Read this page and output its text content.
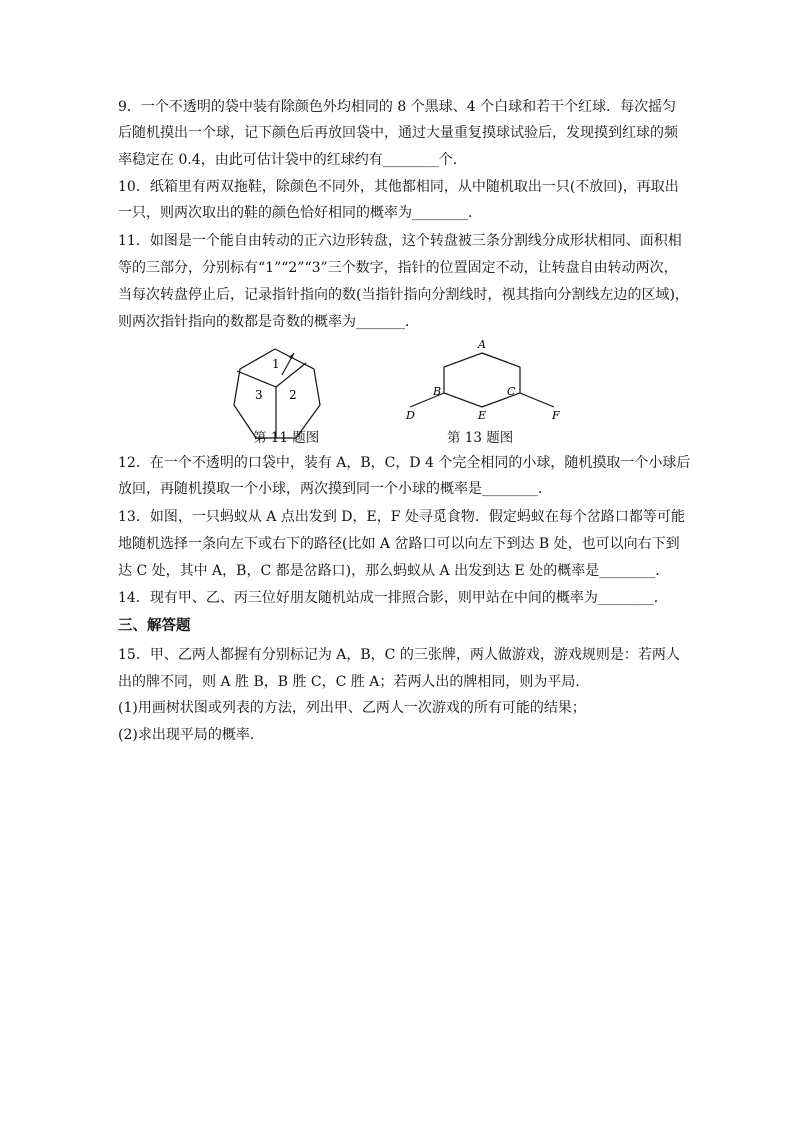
9．一个不透明的袋中装有除颜色外均相同的 8 个黑球、4 个白球和若干个红球．每次摇匀
后随机摸出一个球，记下颜色后再放回袋中，通过大量重复摸球试验后，发现摸到红球的频
率稳定在 0.4，由此可估计袋中的红球约有________个．
10．纸箱里有两双拖鞋，除颜色不同外，其他都相同，从中随机取出一只(不放回)，再取出
一只，则两次取出的鞋的颜色恰好相同的概率为________．
11．如图是一个能自由转动的正六边形转盘，这个转盘被三条分割线分成形状相同、面积相
等的三部分，分别标有“1”“2”“3”三个数字，指针的位置固定不动，让转盘自由转动两次，
当每次转盘停止后，记录指针指向的数(当指针指向分割线时，视其指向分割线左边的区域)，
则两次指针指向的数都是奇数的概率为_______．
1
2
3
A
B	C
D	E	F
第 11 题图	第 13 题图
12．在一个不透明的口袋中，装有 A，B，C，D 4 个完全相同的小球，随机摸取一个小球后
放回，再随机摸取一个小球，两次摸到同一个小球的概率是________．
13．如图，一只蚂蚁从 A 点出发到 D，E，F 处寻觅食物．假定蚂蚁在每个岔路口都等可能
地随机选择一条向左下或右下的路径(比如 A 岔路口可以向左下到达 B 处，也可以向右下到
达 C 处，其中 A，B，C 都是岔路口)，那么蚂蚁从 A 出发到达 E 处的概率是________．
14．现有甲、乙、丙三位好朋友随机站成一排照合影，则甲站在中间的概率为________．
三、解答题
15．甲、乙两人都握有分别标记为 A，B，C 的三张牌，两人做游戏，游戏规则是：若两人
出的牌不同，则 A 胜 B，B 胜 C，C 胜 A；若两人出的牌相同，则为平局．
(1)用画树状图或列表的方法，列出甲、乙两人一次游戏的所有可能的结果；
(2)求出现平局的概率．
